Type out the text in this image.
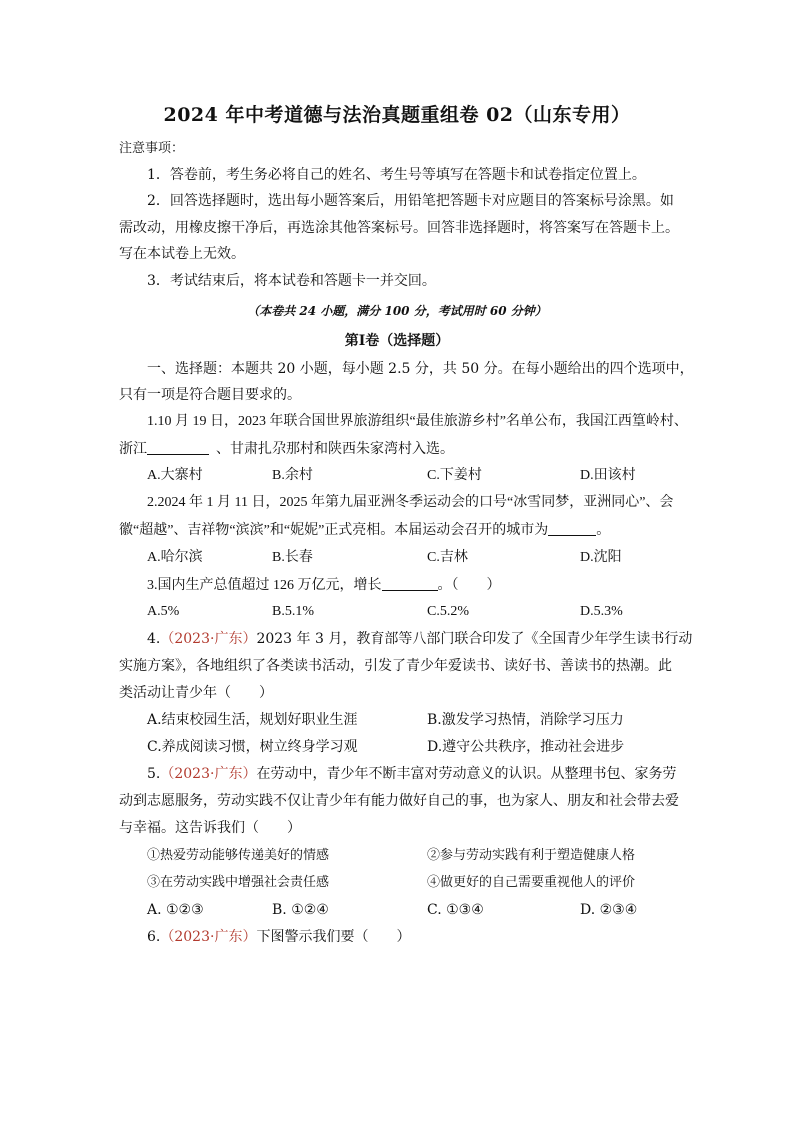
2024 年中考道德与法治真题重组卷 02（山东专用）
注意事项：
1．答卷前，考生务必将自己的姓名、考生号等填写在答题卡和试卷指定位置上。
2．回答选择题时，选出每小题答案后，用铅笔把答题卡对应题目的答案标号涂黑。如
需改动，用橡皮擦干净后，再选涂其他答案标号。回答非选择题时，将答案写在答题卡上。
写在本试卷上无效。
3．考试结束后，将本试卷和答题卡一并交回。
（本卷共 24 小题，满分 100 分，考试用时 60 分钟）
第Ⅰ卷（选择题）
一、选择题：本题共 20 小题，每小题 2.5 分，共 50 分。在每小题给出的四个选项中，
只有一项是符合题目要求的。
1.10 月 19 日，2023 年联合国世界旅游组织“最佳旅游乡村”名单公布，我国江西篁岭村、
浙江	、甘肃扎尕那村和陕西朱家湾村入选。
A.大寨村	B.余村	C.下姜村	D.田该村
2.2024 年 1 月 11 日，2025 年第九届亚洲冬季运动会的口号“冰雪同梦，亚洲同心”、会
徽“超越”、吉祥物“滨滨”和“妮妮”正式亮相。本届运动会召开的城市为	。
A.哈尔滨	B.长春	C.吉林	D.沈阳
3.国内生产总值超过 126 万亿元，增长	。（　　）
A.5%	B.5.1%	C.5.2%	D.5.3%
4.（2023·广东）2023 年 3 月，教育部等八部门联合印发了《全国青少年学生读书行动
实施方案》，各地组织了各类读书活动，引发了青少年爱读书、读好书、善读书的热潮。此
类活动让青少年（　　）
A.结束校园生活，规划好职业生涯	B.激发学习热情，消除学习压力
C.养成阅读习惯，树立终身学习观	D.遵守公共秩序，推动社会进步
5.（2023·广东）在劳动中，青少年不断丰富对劳动意义的认识。从整理书包、家务劳
动到志愿服务，劳动实践不仅让青少年有能力做好自己的事，也为家人、朋友和社会带去爱
与幸福。这告诉我们（　　）
①热爱劳动能够传递美好的情感	②参与劳动实践有利于塑造健康人格
③在劳动实践中增强社会责任感	④做更好的自己需要重视他人的评价
A. ①②③	B. ①②④	C. ①③④	D. ②③④
6.（2023·广东）下图警示我们要（　　）
